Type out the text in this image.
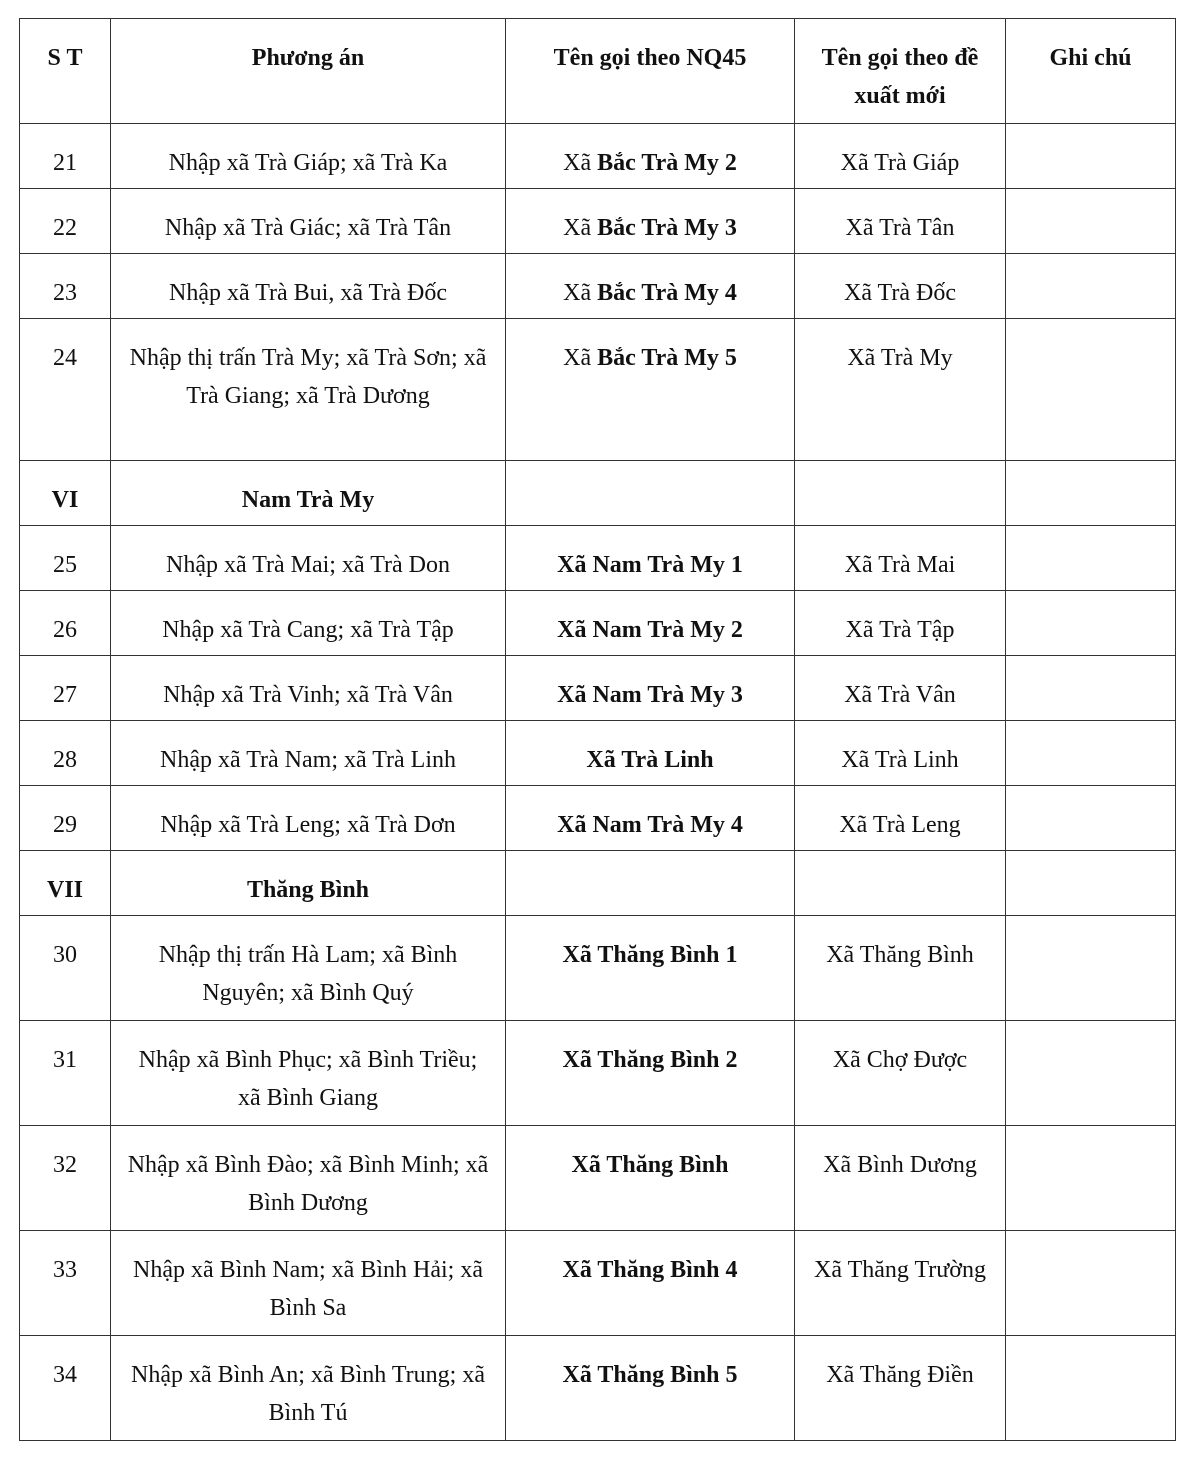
S T	Phương án	Tên gọi theo NQ45	Tên gọi theo đề xuất mới	Ghi chú
21	Nhập xã Trà Giáp; xã Trà Ka	Xã Bắc Trà My 2	Xã Trà Giáp	
22	Nhập xã Trà Giác; xã Trà Tân	Xã Bắc Trà My 3	Xã Trà Tân	
23	Nhập xã Trà Bui, xã Trà Đốc	Xã Bắc Trà My 4	Xã Trà Đốc	
24	Nhập thị trấn Trà My; xã Trà Sơn; xã Trà Giang; xã Trà Dương	Xã Bắc Trà My 5	Xã Trà My	
VI	Nam Trà My			
25	Nhập xã Trà Mai; xã Trà Don	Xã Nam Trà My 1	Xã Trà Mai	
26	Nhập xã Trà Cang; xã Trà Tập	Xã Nam Trà My 2	Xã Trà Tập	
27	Nhập xã Trà Vinh; xã Trà Vân	Xã Nam Trà My 3	Xã Trà Vân	
28	Nhập xã Trà Nam; xã Trà Linh	Xã Trà Linh	Xã Trà Linh	
29	Nhập xã Trà Leng; xã Trà Dơn	Xã Nam Trà My 4	Xã Trà Leng	
VII	Thăng Bình			
30	Nhập thị trấn Hà Lam; xã Bình Nguyên; xã Bình Quý	Xã Thăng Bình 1	Xã Thăng Bình	
31	Nhập xã Bình Phục; xã Bình Triều; xã Bình Giang	Xã Thăng Bình 2	Xã Chợ Được	
32	Nhập xã Bình Đào; xã Bình Minh; xã Bình Dương	Xã Thăng Bình	Xã Bình Dương	
33	Nhập xã Bình Nam; xã Bình Hải; xã Bình Sa	Xã Thăng Bình 4	Xã Thăng Trường	
34	Nhập xã Bình An; xã Bình Trung; xã Bình Tú	Xã Thăng Bình 5	Xã Thăng Điền	
